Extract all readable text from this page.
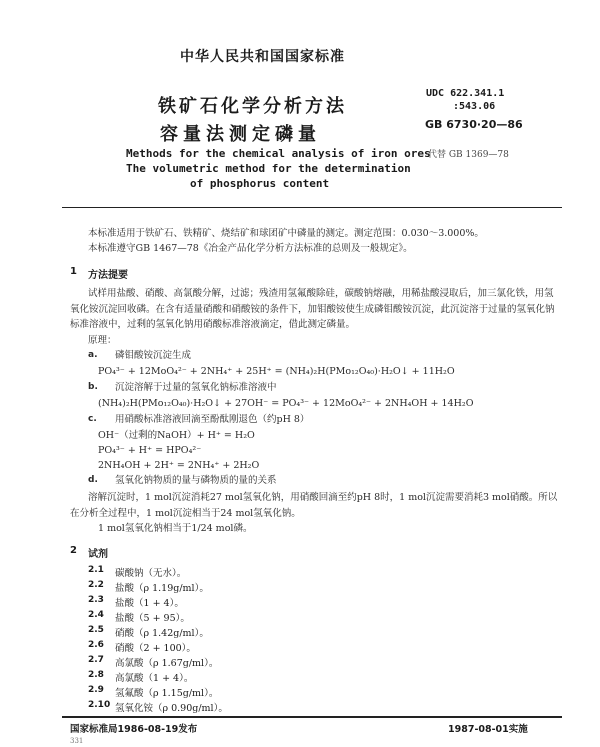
中华人民共和国国家标准
铁矿石化学分析方法
容量法测定磷量
UDC 622.341.1
:543.06
GB 6730·20—86
Methods for the chemical analysis of iron ores
The volumetric method for the determination
of phosphorus content
代替 GB 1369—78
本标准适用于铁矿石、铁精矿、烧结矿和球团矿中磷量的测定。测定范围：0.030～3.000%。
本标准遵守GB 1467—78《冶金产品化学分析方法标准的总则及一般规定》。
1 方法提要
试样用盐酸、硝酸、高氯酸分解，过滤；残渣用氢氟酸除硅，碳酸钠熔融，用稀盐酸浸取后，加三氯化铁，用氢氧化铵沉淀回收磷。在含有适量硝酸和硝酸铵的条件下，加钼酸铵使生成磷钼酸铵沉淀，此沉淀溶于过量的氢氧化钠标准溶液中，过剩的氢氧化钠用硝酸标准溶液滴定，借此测定磷量。
原理：
a. 磷钼酸铵沉淀生成
PO₄³⁻ + 12MoO₄²⁻ + 2NH₄⁺ + 25H⁺ = (NH₄)₂H(PMo₁₂O₄₀)·H₂O↓ + 11H₂O
b. 沉淀溶解于过量的氢氧化钠标准溶液中
(NH₄)₂H(PMo₁₂O₄₀)·H₂O↓ + 27OH⁻ = PO₄³⁻ + 12MoO₄²⁻ + 2NH₄OH + 14H₂O
c. 用硝酸标准溶液回滴至酚酞刚退色（约pH 8）
OH⁻（过剩的NaOH）+ H⁺ = H₂O
PO₄³⁻ + H⁺ = HPO₄²⁻
2NH₄OH + 2H⁺ = 2NH₄⁺ + 2H₂O
d. 氢氧化钠物质的量与磷物质的量的关系
溶解沉淀时，1 mol沉淀消耗27 mol氢氧化钠，用硝酸回滴至约pH 8时，1 mol沉淀需要消耗3 mol硝酸。所以在分析全过程中，1 mol沉淀相当于24 mol氢氧化钠。
1 mol氢氧化钠相当于1/24 mol磷。
2 试剂
2.1 碳酸钠（无水）。
2.2 盐酸（ρ 1.19g/ml）。
2.3 盐酸（1 + 4）。
2.4 盐酸（5 + 95）。
2.5 硝酸（ρ 1.42g/ml）。
2.6 硝酸（2 + 100）。
2.7 高氯酸（ρ 1.67g/ml）。
2.8 高氯酸（1 + 4）。
2.9 氢氟酸（ρ 1.15g/ml）。
2.10 氢氧化铵（ρ 0.90g/ml）。
国家标准局1986-08-19发布	1987-08-01实施
331
